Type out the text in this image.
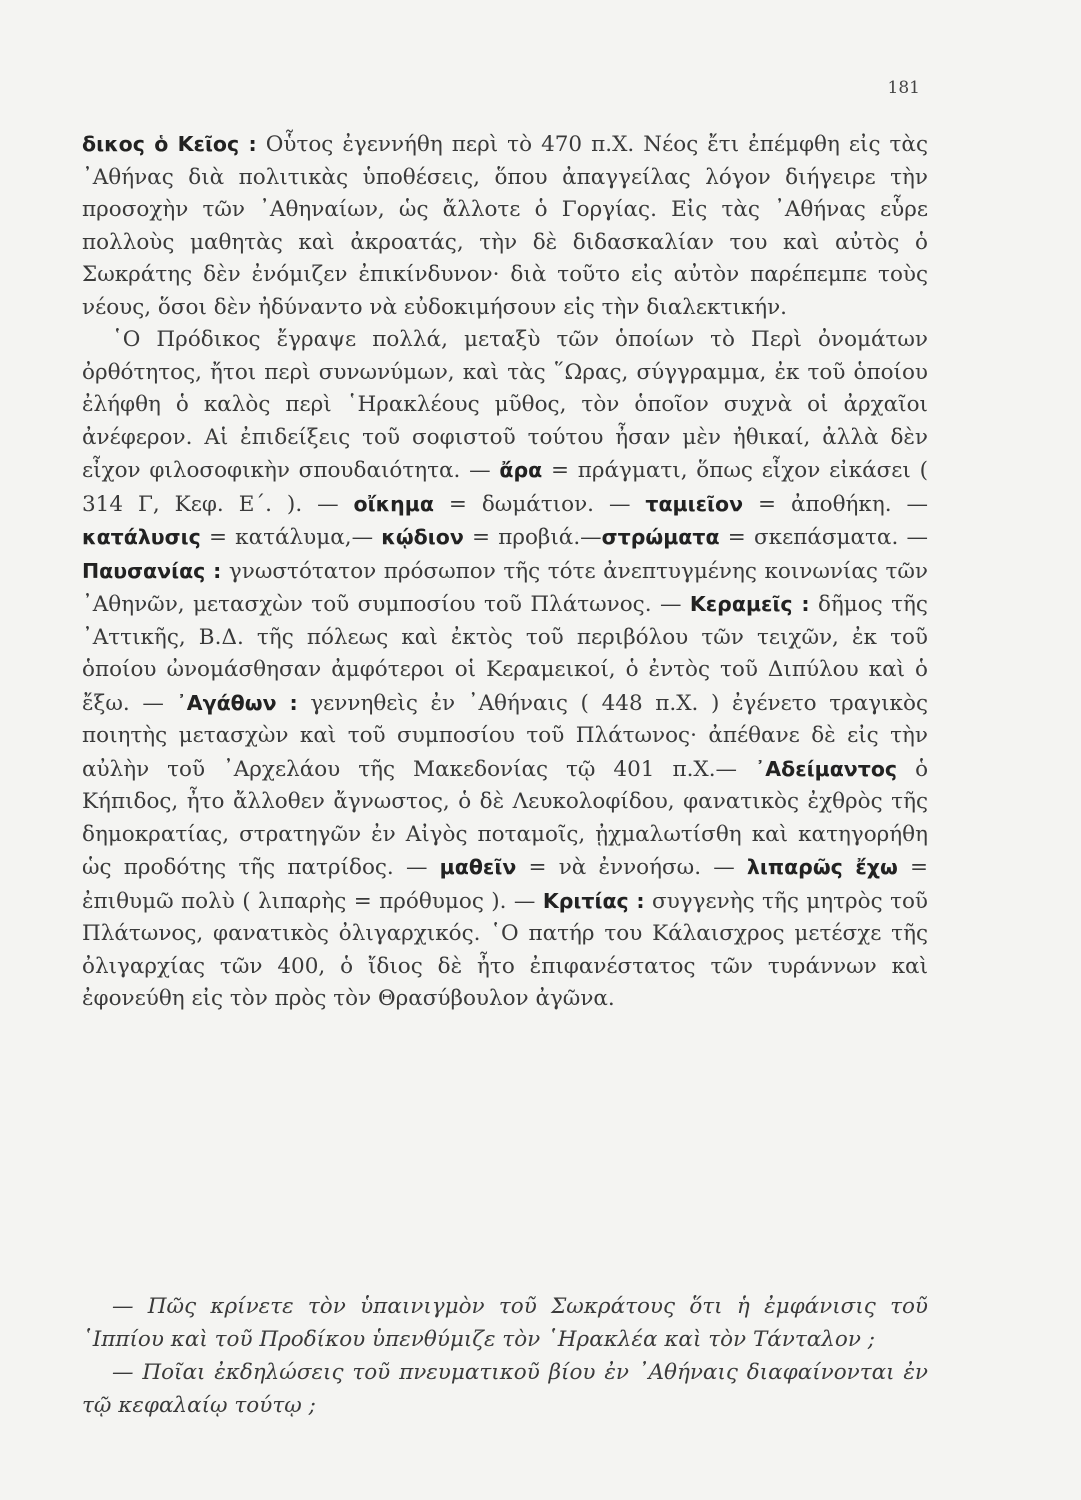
181

δικος ὁ Κεῖος : Οὗτος ἐγεννήθη περὶ τὸ 470 π.Χ. Νέος ἔτι ἐπέμφθη εἰς τὰς ᾿Αθήνας διὰ πολιτικὰς ὑποθέσεις, ὅπου ἀπαγγείλας λόγον διήγειρε τὴν προσοχὴν τῶν ᾿Αθηναίων, ὡς ἄλλοτε ὁ Γοργίας. Εἰς τὰς ᾿Αθήνας εὗρε πολλοὺς μαθητὰς καὶ ἀκροατάς, τὴν δὲ διδασκαλίαν του καὶ αὐτὸς ὁ Σωκράτης δὲν ἐνόμιζεν ἐπικίνδυνον· διὰ τοῦτο εἰς αὐτὸν παρέπεμπε τοὺς νέους, ὅσοι δὲν ἠδύναντο νὰ εὐδοκιμήσουν εἰς τὴν διαλεκτικήν.

῾Ο Πρόδικος ἔγραψε πολλά, μεταξὺ τῶν ὁποίων τὸ Περὶ ὀνομάτων ὀρθότητος, ἤτοι περὶ συνωνύμων, καὶ τὰς ῞Ωρας, σύγγραμμα, ἐκ τοῦ ὁποίου ἐλήφθη ὁ καλὸς περὶ ῾Ηρακλέους μῦθος, τὸν ὁποῖον συχνὰ οἱ ἀρχαῖοι ἀνέφερον. Αἱ ἐπιδείξεις τοῦ σοφιστοῦ τούτου ἦσαν μὲν ἠθικαί, ἀλλὰ δὲν εἶχον φιλοσοφικὴν σπουδαιότητα. — ἄρα = πράγματι, ὅπως εἶχον εἰκάσει ( 314 Γ, Κεφ. Ε΄. ). — οἴκημα = δωμάτιον. — ταμιεῖον = ἀποθήκη. — κατάλυσις = κατάλυμα,— κῴδιον = προβιά.—στρώματα = σκεπάσματα. — Παυσανίας : γνωστότατον πρόσωπον τῆς τότε ἀνεπτυγμένης κοινωνίας τῶν ᾿Αθηνῶν, μετασχὼν τοῦ συμποσίου τοῦ Πλάτωνος. — Κεραμεῖς : δῆμος τῆς ᾿Αττικῆς, Β.Δ. τῆς πόλεως καὶ ἐκτὸς τοῦ περιβόλου τῶν τειχῶν, ἐκ τοῦ ὁποίου ὠνομάσθησαν ἀμφότεροι οἱ Κεραμεικοί, ὁ ἐντὸς τοῦ Διπύλου καὶ ὁ ἔξω. — ᾿Αγάθων : γεννηθεὶς ἐν ᾿Αθήναις ( 448 π.Χ. ) ἐγένετο τραγικὸς ποιητὴς μετασχὼν καὶ τοῦ συμποσίου τοῦ Πλάτωνος· ἀπέθανε δὲ εἰς τὴν αὐλὴν τοῦ ᾿Αρχελάου τῆς Μακεδονίας τῷ 401 π.Χ.— ᾿Αδείμαντος ὁ Κήπιδος, ἦτο ἄλλοθεν ἄγνωστος, ὁ δὲ Λευκολοφίδου, φανατικὸς ἐχθρὸς τῆς δημοκρατίας, στρατηγῶν ἐν Αἰγὸς ποταμοῖς, ᾐχμαλωτίσθη καὶ κατηγορήθη ὡς προδότης τῆς πατρίδος. — μαθεῖν = νὰ ἐννοήσω. — λιπαρῶς ἔχω = ἐπιθυμῶ πολὺ ( λιπαρὴς = πρόθυμος ). — Κριτίας : συγγενὴς τῆς μητρὸς τοῦ Πλάτωνος, φανατικὸς ὀλιγαρχικός. ῾Ο πατήρ του Κάλαισχρος μετέσχε τῆς ὀλιγαρχίας τῶν 400, ὁ ἴδιος δὲ ἦτο ἐπιφανέστατος τῶν τυράννων καὶ ἐφονεύθη εἰς τὸν πρὸς τὸν Θρασύβουλον ἀγῶνα.

— Πῶς κρίνετε τὸν ὑπαινιγμὸν τοῦ Σωκράτους ὅτι ἡ ἐμφάνισις τοῦ ῾Ιππίου καὶ τοῦ Προδίκου ὑπενθύμιζε τὸν ῾Ηρακλέα καὶ τὸν Τάνταλον ;

— Ποῖαι ἐκδηλώσεις τοῦ πνευματικοῦ βίου ἐν ᾿Αθήναις διαφαίνονται ἐν τῷ κεφαλαίῳ τούτῳ ;
